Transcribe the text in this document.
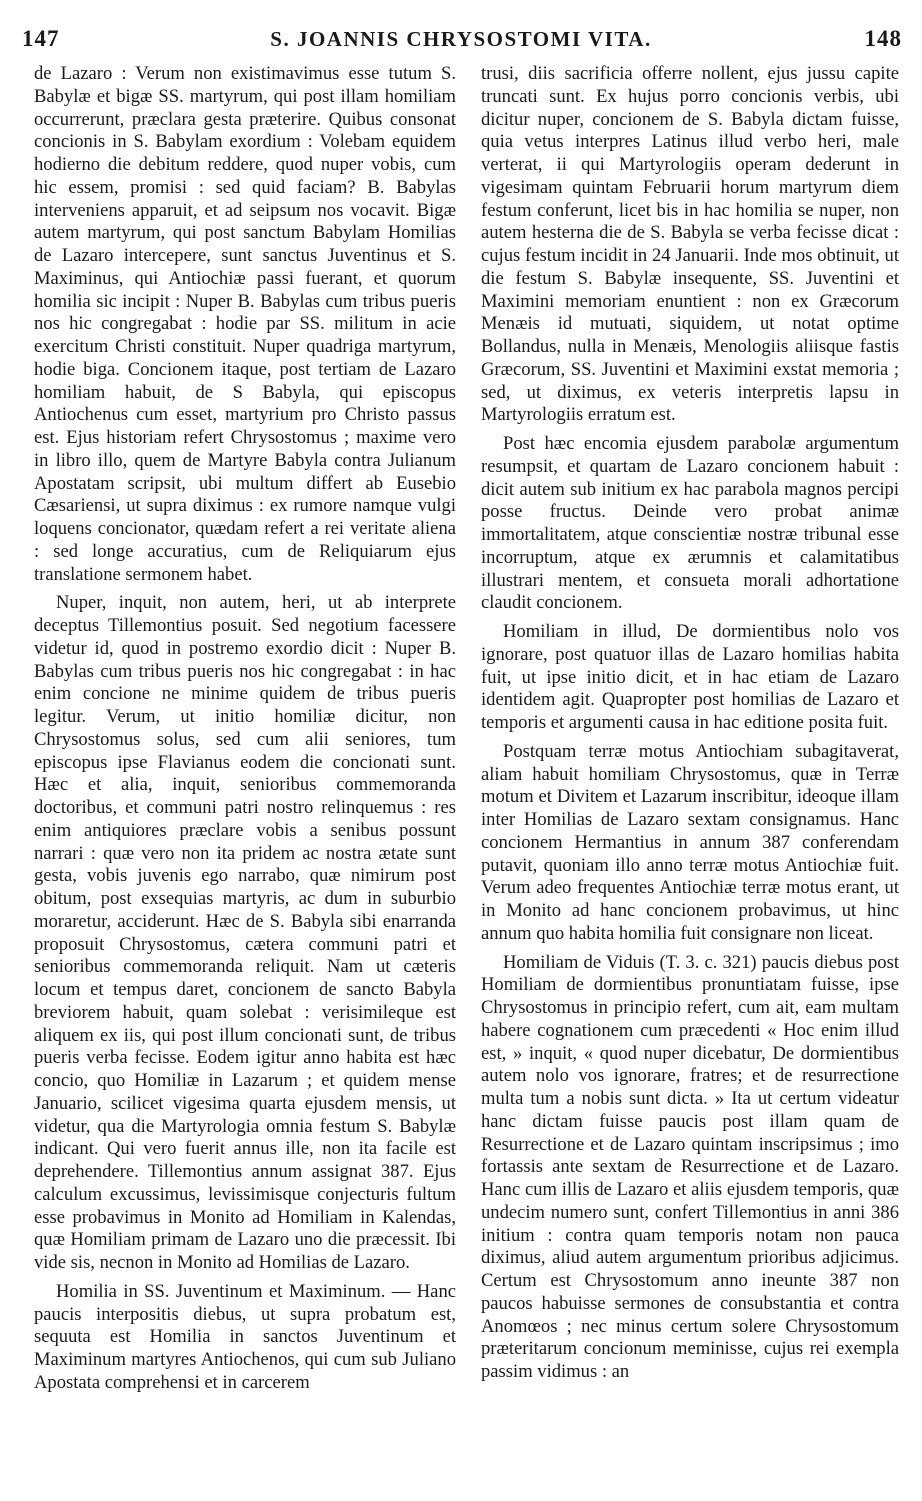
147	S. JOANNIS CHRYSOSTOMI VITA.	148

de Lazaro : Verum non existimavimus esse tutum S. Babylæ et bigæ SS. martyrum, qui post illam homiliam occurrerunt, præclara gesta præterire. Quibus consonat concionis in S. Babylam exordium : Volebam equidem hodierno die debitum reddere, quod nuper vobis, cum hic essem, promisi : sed quid faciam? B. Babylas interveniens apparuit, et ad seipsum nos vocavit. Bigæ autem martyrum, qui post sanctum Babylam Homilias de Lazaro intercepere, sunt sanctus Juventinus et S. Maximinus, qui Antiochiæ passi fuerant, et quorum homilia sic incipit : Nuper B. Babylas cum tribus pueris nos hic congregabat : hodie par SS. militum in acie exercitum Christi constituit. Nuper quadriga martyrum, hodie biga. Concionem itaque, post tertiam de Lazaro homiliam habuit, de S Babyla, qui episcopus Antiochenus cum esset, martyrium pro Christo passus est. Ejus historiam refert Chrysostomus ; maxime vero in libro illo, quem de Martyre Babyla contra Julianum Apostatam scripsit, ubi multum differt ab Eusebio Cæsariensi, ut supra diximus : ex rumore namque vulgi loquens concionator, quædam refert a rei veritate aliena : sed longe accuratius, cum de Reliquiarum ejus translatione sermonem habet.

Nuper, inquit, non autem, heri, ut ab interprete deceptus Tillemontius posuit. Sed negotium facessere videtur id, quod in postremo exordio dicit : Nuper B. Babylas cum tribus pueris nos hic congregabat : in hac enim concione ne minime quidem de tribus pueris legitur. Verum, ut initio homiliæ dicitur, non Chrysostomus solus, sed cum alii seniores, tum episcopus ipse Flavianus eodem die concionati sunt. Hæc et alia, inquit, senioribus commemoranda doctoribus, et communi patri nostro relinquemus : res enim antiquiores præclare vobis a senibus possunt narrari : quæ vero non ita pridem ac nostra ætate sunt gesta, vobis juvenis ego narrabo, quæ nimirum post obitum, post exsequias martyris, ac dum in suburbio moraretur, acciderunt. Hæc de S. Babyla sibi enarranda proposuit Chrysostomus, cætera communi patri et senioribus commemoranda reliquit. Nam ut cæteris locum et tempus daret, concionem de sancto Babyla breviorem habuit, quam solebat : verisimileque est aliquem ex iis, qui post illum concionati sunt, de tribus pueris verba fecisse. Eodem igitur anno habita est hæc concio, quo Homiliæ in Lazarum ; et quidem mense Januario, scilicet vigesima quarta ejusdem mensis, ut videtur, qua die Martyrologia omnia festum S. Babylæ indicant. Qui vero fuerit annus ille, non ita facile est deprehendere. Tillemontius annum assignat 387. Ejus calculum excussimus, levissimisque conjecturis fultum esse probavimus in Monito ad Homiliam in Kalendas, quæ Homiliam primam de Lazaro uno die præcessit. Ibi vide sis, necnon in Monito ad Homilias de Lazaro.

Homilia in SS. Juventinum et Maximinum. — Hanc paucis interpositis diebus, ut supra probatum est, sequuta est Homilia in sanctos Juventinum et Maximinum martyres Antiochenos, qui cum sub Juliano Apostata comprehensi et in carcerem

trusi, diis sacrificia offerre nollent, ejus jussu capite truncati sunt. Ex hujus porro concionis verbis, ubi dicitur nuper, concionem de S. Babyla dictam fuisse, quia vetus interpres Latinus illud verbo heri, male verterat, ii qui Martyrologiis operam dederunt in vigesimam quintam Februarii horum martyrum diem festum conferunt, licet bis in hac homilia se nuper, non autem hesterna die de S. Babyla se verba fecisse dicat : cujus festum incidit in 24 Januarii. Inde mos obtinuit, ut die festum S. Babylæ insequente, SS. Juventini et Maximini memoriam enuntient : non ex Græcorum Menæis id mutuati, siquidem, ut notat optime Bollandus, nulla in Menæis, Menologiis aliisque fastis Græcorum, SS. Juventini et Maximini exstat memoria ; sed, ut diximus, ex veteris interpretis lapsu in Martyrologiis erratum est.

Post hæc encomia ejusdem parabolæ argumentum resumpsit, et quartam de Lazaro concionem habuit : dicit autem sub initium ex hac parabola magnos percipi posse fructus. Deinde vero probat animæ immortalitatem, atque conscientiæ nostræ tribunal esse incorruptum, atque ex ærumnis et calamitatibus illustrari mentem, et consueta morali adhortatione claudit concionem.

Homiliam in illud, De dormientibus nolo vos ignorare, post quatuor illas de Lazaro homilias habita fuit, ut ipse initio dicit, et in hac etiam de Lazaro identidem agit. Quapropter post homilias de Lazaro et temporis et argumenti causa in hac editione posita fuit.

Postquam terræ motus Antiochiam subagitaverat, aliam habuit homiliam Chrysostomus, quæ in Terræ motum et Divitem et Lazarum inscribitur, ideoque illam inter Homilias de Lazaro sextam consignamus. Hanc concionem Hermantius in annum 387 conferendam putavit, quoniam illo anno terræ motus Antiochiæ fuit. Verum adeo frequentes Antiochiæ terræ motus erant, ut in Monito ad hanc concionem probavimus, ut hinc annum quo habita homilia fuit consignare non liceat.

Homiliam de Viduis (T. 3. c. 321) paucis diebus post Homiliam de dormientibus pronuntiatam fuisse, ipse Chrysostomus in principio refert, cum ait, eam multam habere cognationem cum præcedenti « Hoc enim illud est, » inquit, « quod nuper dicebatur, De dormientibus autem nolo vos ignorare, fratres; et de resurrectione multa tum a nobis sunt dicta. » Ita ut certum videatur hanc dictam fuisse paucis post illam quam de Resurrectione et de Lazaro quintam inscripsimus ; imo fortassis ante sextam de Resurrectione et de Lazaro. Hanc cum illis de Lazaro et aliis ejusdem temporis, quæ undecim numero sunt, confert Tillemontius in anni 386 initium : contra quam temporis notam non pauca diximus, aliud autem argumentum prioribus adjicimus. Certum est Chrysostomum anno ineunte 387 non paucos habuisse sermones de consubstantia et contra Anomœos ; nec minus certum solere Chrysostomum præteritarum concionum meminisse, cujus rei exempla passim vidimus : an
